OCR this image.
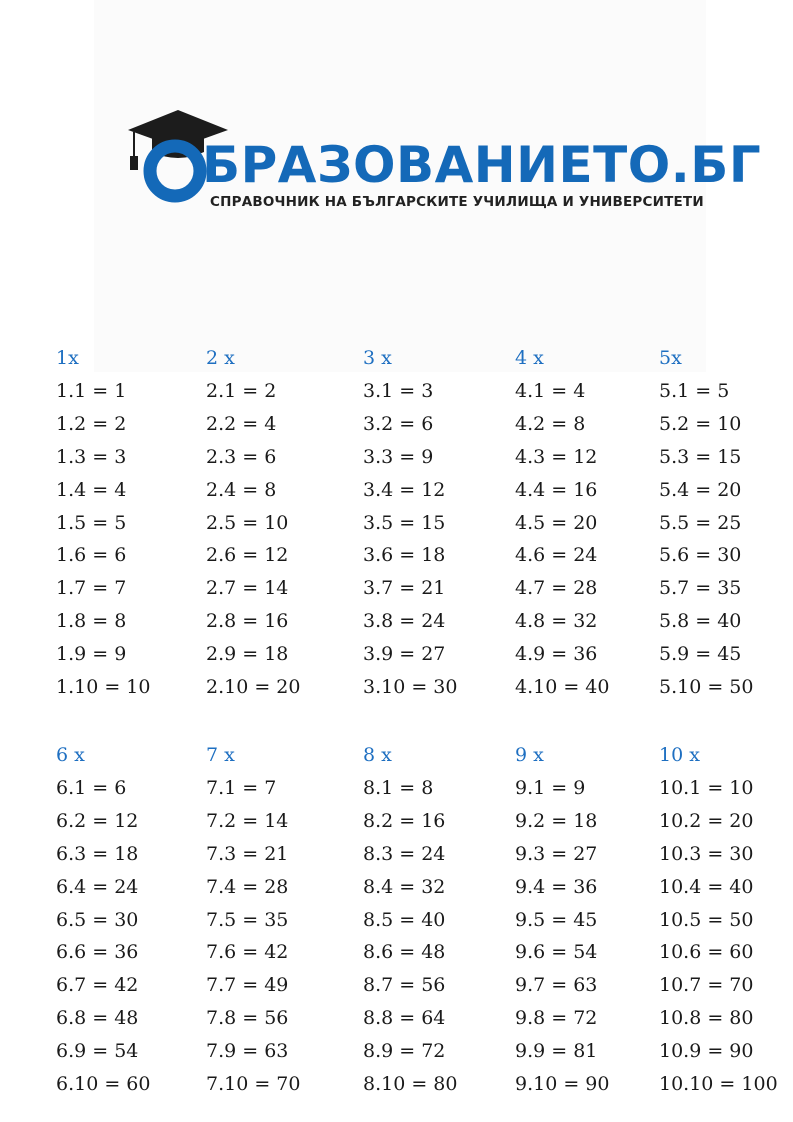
БРАЗОВАНИЕТО.БГ
СПРАВОЧНИК НА БЪЛГАРСКИТЕ УЧИЛИЩА И УНИВЕРСИТЕТИ
1x
1.1 = 1
1.2 = 2
1.3 = 3
1.4 = 4
1.5 = 5
1.6 = 6
1.7 = 7
1.8 = 8
1.9 = 9
1.10 = 10
2 x
2.1 = 2
2.2 = 4
2.3 = 6
2.4 = 8
2.5 = 10
2.6 = 12
2.7 = 14
2.8 = 16
2.9 = 18
2.10 = 20
3 x
3.1 = 3
3.2 = 6
3.3 = 9
3.4 = 12
3.5 = 15
3.6 = 18
3.7 = 21
3.8 = 24
3.9 = 27
3.10 = 30
4 x
4.1 = 4
4.2 = 8
4.3 = 12
4.4 = 16
4.5 = 20
4.6 = 24
4.7 = 28
4.8 = 32
4.9 = 36
4.10 = 40
5x
5.1 = 5
5.2 = 10
5.3 = 15
5.4 = 20
5.5 = 25
5.6 = 30
5.7 = 35
5.8 = 40
5.9 = 45
5.10 = 50
6 x
6.1 = 6
6.2 = 12
6.3 = 18
6.4 = 24
6.5 = 30
6.6 = 36
6.7 = 42
6.8 = 48
6.9 = 54
6.10 = 60
7 x
7.1 = 7
7.2 = 14
7.3 = 21
7.4 = 28
7.5 = 35
7.6 = 42
7.7 = 49
7.8 = 56
7.9 = 63
7.10 = 70
8 x
8.1 = 8
8.2 = 16
8.3 = 24
8.4 = 32
8.5 = 40
8.6 = 48
8.7 = 56
8.8 = 64
8.9 = 72
8.10 = 80
9 x
9.1 = 9
9.2 = 18
9.3 = 27
9.4 = 36
9.5 = 45
9.6 = 54
9.7 = 63
9.8 = 72
9.9 = 81
9.10 = 90
10 x
10.1 = 10
10.2 = 20
10.3 = 30
10.4 = 40
10.5 = 50
10.6 = 60
10.7 = 70
10.8 = 80
10.9 = 90
10.10 = 100
